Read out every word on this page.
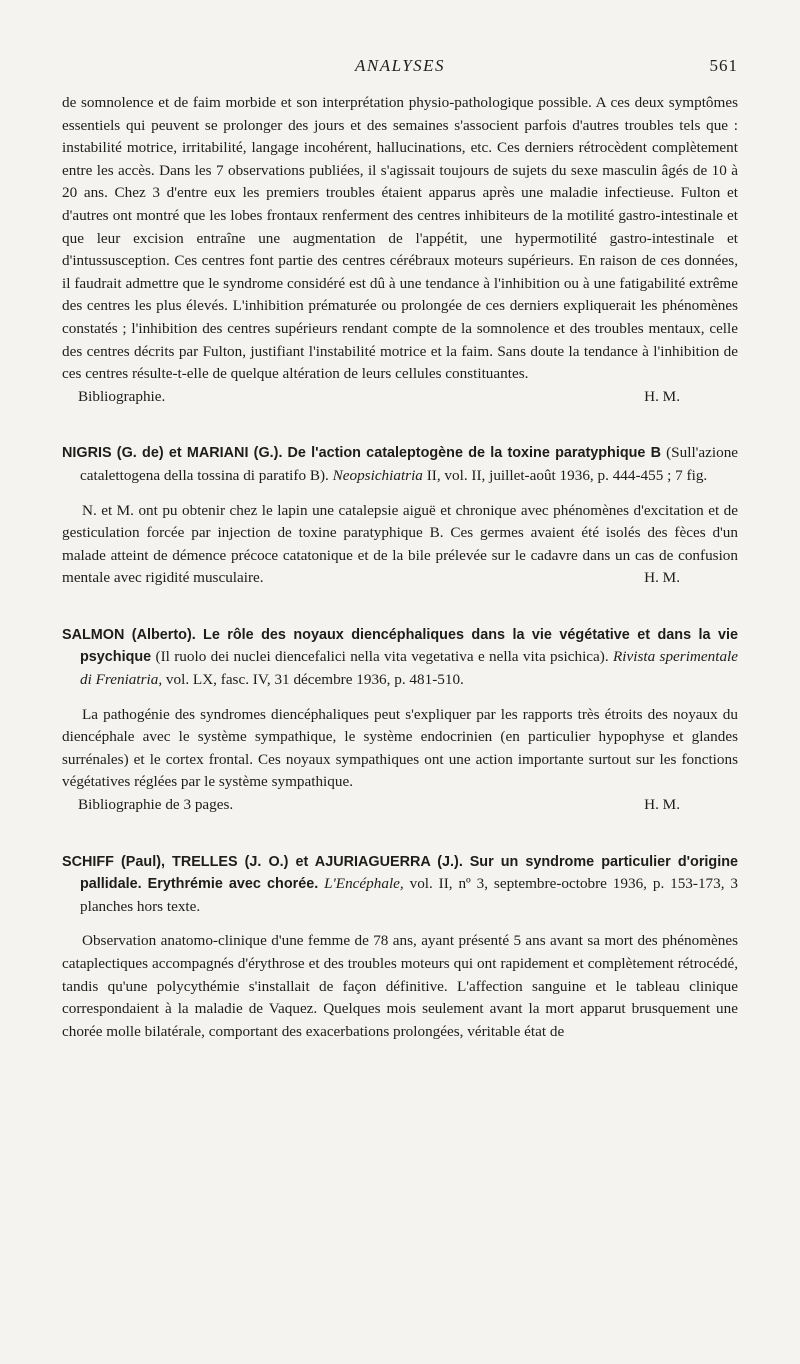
ANALYSES	561

de somnolence et de faim morbide et son interprétation physio-pathologique possible. A ces deux symptômes essentiels qui peuvent se prolonger des jours et des semaines s'associent parfois d'autres troubles tels que : instabilité motrice, irritabilité, langage incohérent, hallucinations, etc. Ces derniers rétrocèdent complètement entre les accès. Dans les 7 observations publiées, il s'agissait toujours de sujets du sexe masculin âgés de 10 à 20 ans. Chez 3 d'entre eux les premiers troubles étaient apparus après une maladie infectieuse. Fulton et d'autres ont montré que les lobes frontaux renferment des centres inhibiteurs de la motilité gastro-intestinale et que leur excision entraîne une augmentation de l'appétit, une hypermotilité gastro-intestinale et d'intussusception. Ces centres font partie des centres cérébraux moteurs supérieurs. En raison de ces données, il faudrait admettre que le syndrome considéré est dû à une tendance à l'inhibition ou à une fatigabilité extrême des centres les plus élevés. L'inhibition prématurée ou prolongée de ces derniers expliquerait les phénomènes constatés ; l'inhibition des centres supérieurs rendant compte de la somnolence et des troubles mentaux, celle des centres décrits par Fulton, justifiant l'instabilité motrice et la faim. Sans doute la tendance à l'inhibition de ces centres résulte-t-elle de quelque altération de leurs cellules constituantes.

Bibliographie.	H. M.

NIGRIS (G. de) et MARIANI (G.). De l'action cataleptogène de la toxine paratyphique B (Sull'azione catalettogena della tossina di paratifo B). Neopsichiatria II, vol. II, juillet-août 1936, p. 444-455 ; 7 fig.

N. et M. ont pu obtenir chez le lapin une catalepsie aiguë et chronique avec phénomènes d'excitation et de gesticulation forcée par injection de toxine paratyphique B. Ces germes avaient été isolés des fèces d'un malade atteint de démence précoce catatonique et de la bile prélevée sur le cadavre dans un cas de confusion mentale avec rigidité musculaire.	H. M.

SALMON (Alberto). Le rôle des noyaux diencéphaliques dans la vie végétative et dans la vie psychique (Il ruolo dei nuclei diencefalici nella vita vegetativa e nella vita psichica). Rivista sperimentale di Freniatria, vol. LX, fasc. IV, 31 décembre 1936, p. 481-510.

La pathogénie des syndromes diencéphaliques peut s'expliquer par les rapports très étroits des noyaux du diencéphale avec le système sympathique, le système endocrinien (en particulier hypophyse et glandes surrénales) et le cortex frontal. Ces noyaux sympathiques ont une action importante surtout sur les fonctions végétatives réglées par le système sympathique.

Bibliographie de 3 pages.	H. M.

SCHIFF (Paul), TRELLES (J. O.) et AJURIAGUERRA (J.). Sur un syndrome particulier d'origine pallidale. Erythrémie avec chorée. L'Encéphale, vol. II, nº 3, septembre-octobre 1936, p. 153-173, 3 planches hors texte.

Observation anatomo-clinique d'une femme de 78 ans, ayant présenté 5 ans avant sa mort des phénomènes cataplectiques accompagnés d'érythrose et des troubles moteurs qui ont rapidement et complètement rétrocédé, tandis qu'une polycythémie s'installait de façon définitive. L'affection sanguine et le tableau clinique correspondaient à la maladie de Vaquez. Quelques mois seulement avant la mort apparut brusquement une chorée molle bilatérale, comportant des exacerbations prolongées, véritable état de
